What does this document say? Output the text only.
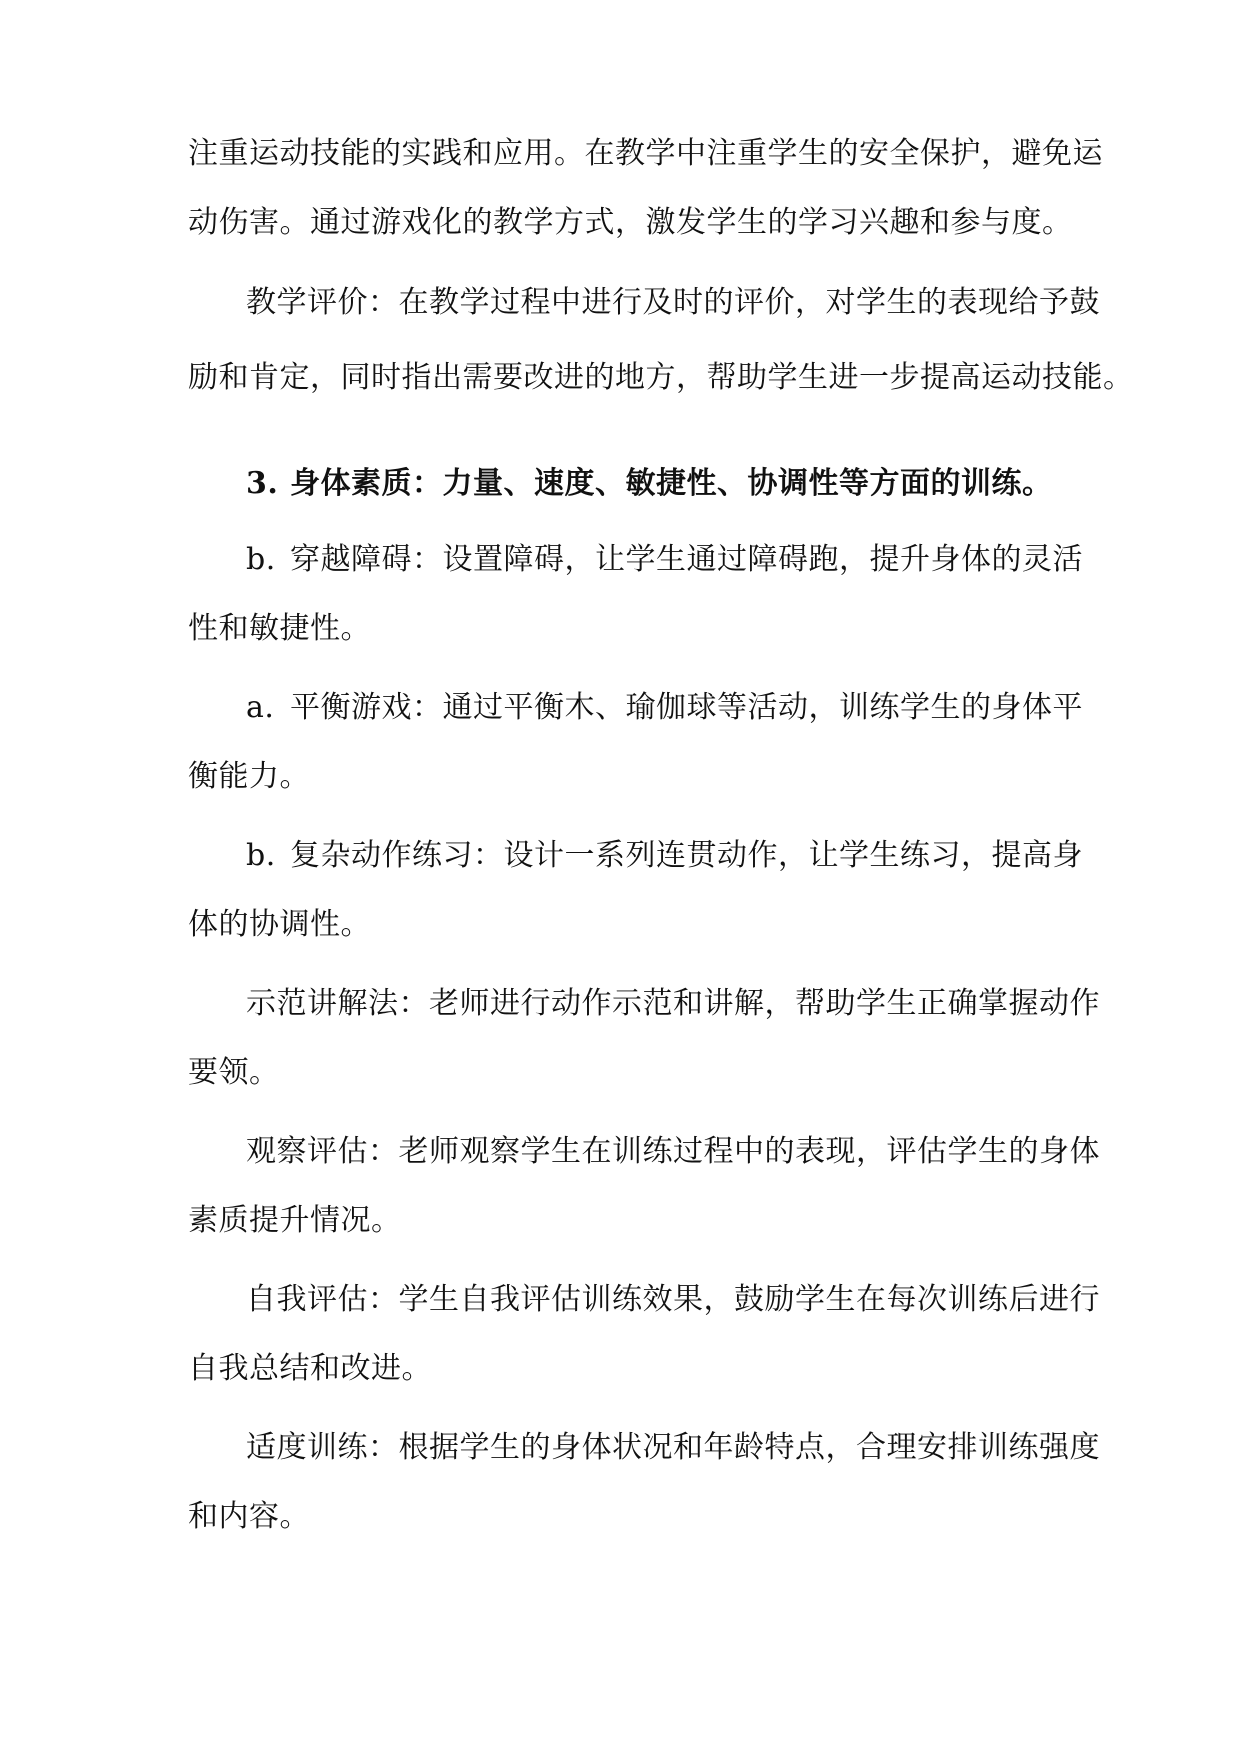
注重运动技能的实践和应用。在教学中注重学生的安全保护，避免运
动伤害。通过游戏化的教学方式，激发学生的学习兴趣和参与度。
教学评价：在教学过程中进行及时的评价，对学生的表现给予鼓
励和肯定，同时指出需要改进的地方，帮助学生进一步提高运动技能。
3. 身体素质：力量、速度、敏捷性、协调性等方面的训练。
b. 穿越障碍：设置障碍，让学生通过障碍跑，提升身体的灵活
性和敏捷性。
a. 平衡游戏：通过平衡木、瑜伽球等活动，训练学生的身体平
衡能力。
b. 复杂动作练习：设计一系列连贯动作，让学生练习，提高身
体的协调性。
示范讲解法：老师进行动作示范和讲解，帮助学生正确掌握动作
要领。
观察评估：老师观察学生在训练过程中的表现，评估学生的身体
素质提升情况。
自我评估：学生自我评估训练效果，鼓励学生在每次训练后进行
自我总结和改进。
适度训练：根据学生的身体状况和年龄特点，合理安排训练强度
和内容。
